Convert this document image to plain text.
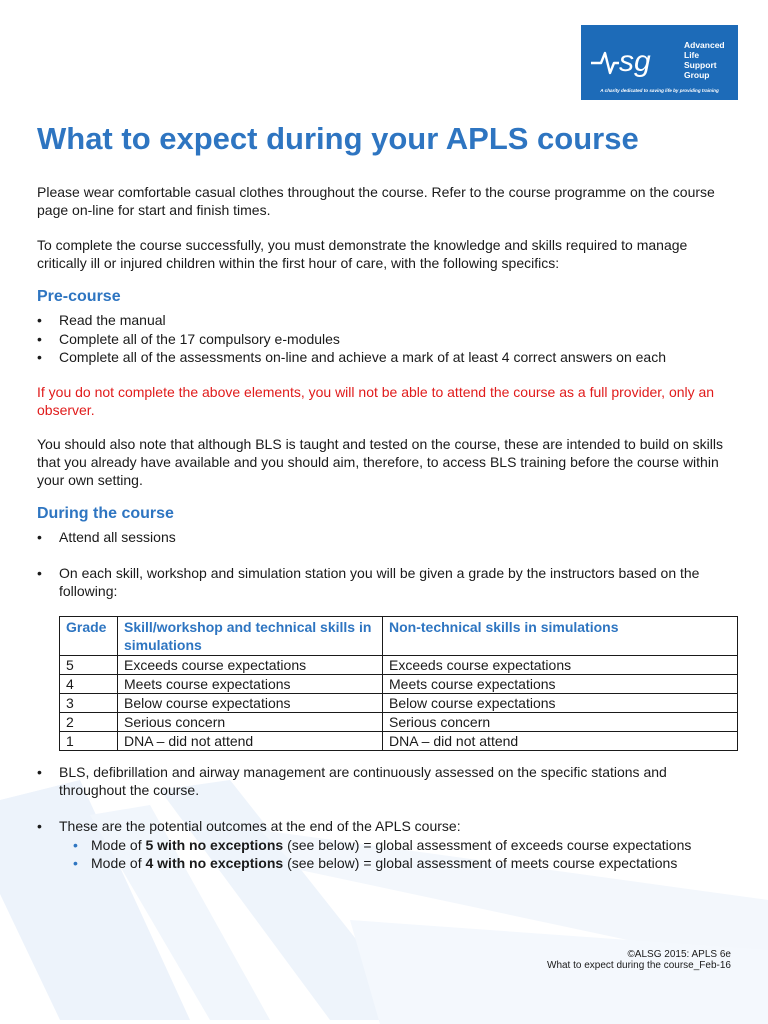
sg	Advanced
Life
Support
Group
A charity dedicated to saving life by providing training
What to expect during your APLS course

Please wear comfortable casual clothes throughout the course. Refer to the course programme on the course page on-line for start and finish times.

To complete the course successfully, you must demonstrate the knowledge and skills required to manage critically ill or injured children within the first hour of care, with the following specifics:

Pre-course
• Read the manual
• Complete all of the 17 compulsory e-modules
• Complete all of the assessments on-line and achieve a mark of at least 4 correct answers on each

If you do not complete the above elements, you will not be able to attend the course as a full provider, only an observer.

You should also note that although BLS is taught and tested on the course, these are intended to build on skills that you already have available and you should aim, therefore, to access BLS training before the course within your own setting.

During the course
• Attend all sessions
• On each skill, workshop and simulation station you will be given a grade by the instructors based on the following:
Grade	Skill/workshop and technical skills in simulations	Non-technical skills in simulations
5	Exceeds course expectations	Exceeds course expectations
4	Meets course expectations	Meets course expectations
3	Below course expectations	Below course expectations
2	Serious concern	Serious concern
1	DNA – did not attend	DNA – did not attend
• BLS, defibrillation and airway management are continuously assessed on the specific stations and throughout the course.
• These are the potential outcomes at the end of the APLS course:
• Mode of 5 with no exceptions (see below) = global assessment of exceeds course expectations
• Mode of 4 with no exceptions (see below) = global assessment of meets course expectations
©ALSG 2015: APLS 6e
What to expect during the course_Feb-16
